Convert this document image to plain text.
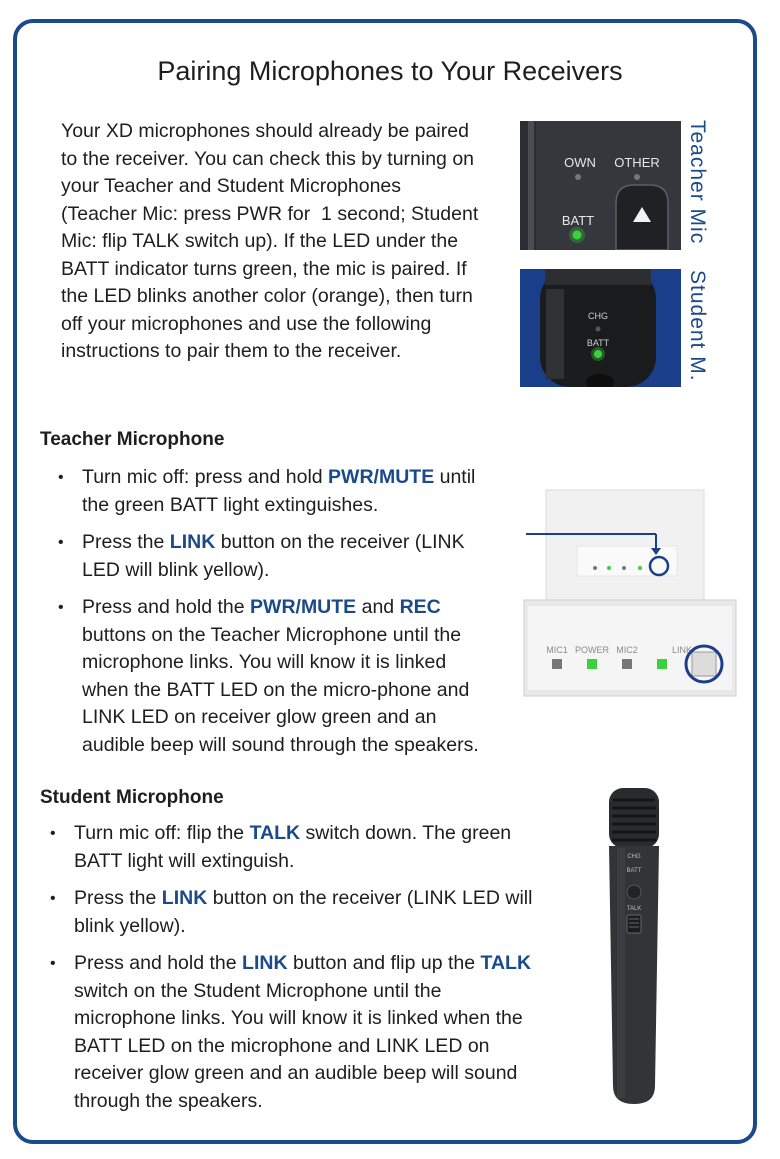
Pairing Microphones to Your Receivers
Your XD microphones should already be paired to the receiver. You can check this by turning on your Teacher and Student Microphones (Teacher Mic: press PWR for  1 second; Student Mic: flip TALK switch up). If the LED under the BATT indicator turns green, the mic is paired. If the LED blinks another color (orange), then turn off your microphones and use the following instructions to pair them to the receiver.
OWN OTHER
BATT
CHG
BATT
Teacher Mic
Student M.
Teacher Microphone
• Turn mic off: press and hold PWR/MUTE until the green BATT light extinguishes.
• Press the LINK button on the receiver (LINK LED will blink yellow).
• Press and hold the PWR/MUTE and REC buttons on the Teacher Microphone until the microphone links. You will know it is linked when the BATT LED on the micro-phone and LINK LED on receiver glow green and an audible beep will sound through the speakers.
MIC1 POWER MIC2	LINK
Student Microphone
• Turn mic off: flip the TALK switch down. The green BATT light will extinguish.
• Press the LINK button on the receiver (LINK LED will blink yellow).
• Press and hold the LINK button and flip up the TALK switch on the Student Microphone until the microphone links. You will know it is linked when the BATT LED on the microphone and LINK LED on receiver glow green and an audible beep will sound through the speakers.
CHG
BATT
TALK
